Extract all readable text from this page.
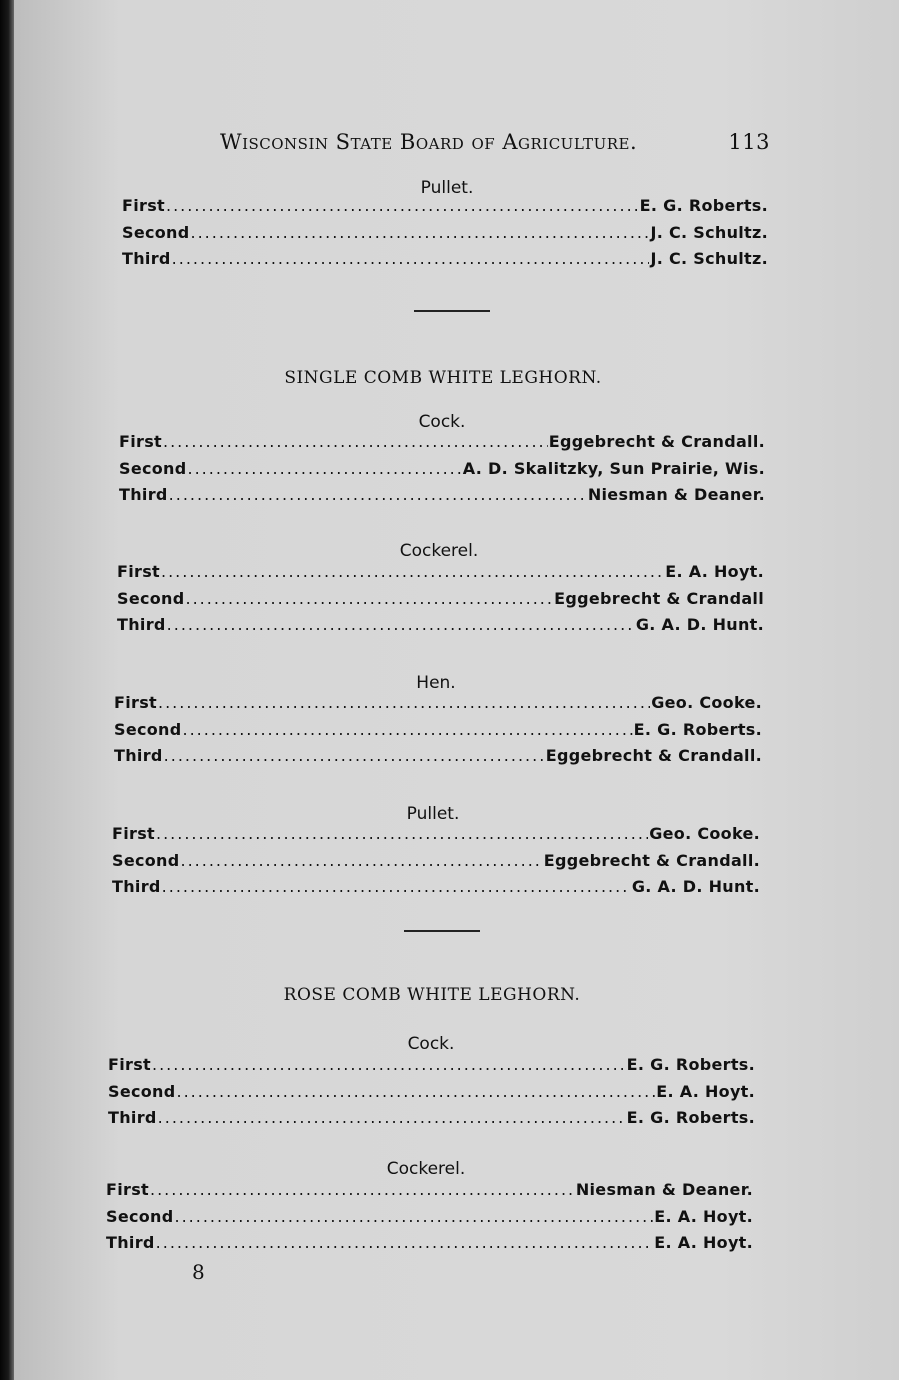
Wisconsin State Board of Agriculture.	113
Pullet.
First .....	E. G. Roberts.
Second .....	J. C. Schultz.
Third .....	J. C. Schultz.
SINGLE COMB WHITE LEGHORN.
Cock.
First .....	Eggebrecht & Crandall.
Second .....	A. D. Skalitzky, Sun Prairie, Wis.
Third .....	Niesman & Deaner.
Cockerel.
First .....	E. A. Hoyt.
Second .....	Eggebrecht & Crandall
Third .....	G. A. D. Hunt.
Hen.
First .....	Geo. Cooke.
Second .....	E. G. Roberts.
Third .....	Eggebrecht & Crandall.
Pullet.
First .....	Geo. Cooke.
Second .....	Eggebrecht & Crandall.
Third .....	G. A. D. Hunt.
ROSE COMB WHITE LEGHORN.
Cock.
First .....	E. G. Roberts.
Second .....	E. A. Hoyt.
Third .....	E. G. Roberts.
Cockerel.
First .....	Niesman & Deaner.
Second .....	E. A. Hoyt.
Third .....	E. A. Hoyt.
8
